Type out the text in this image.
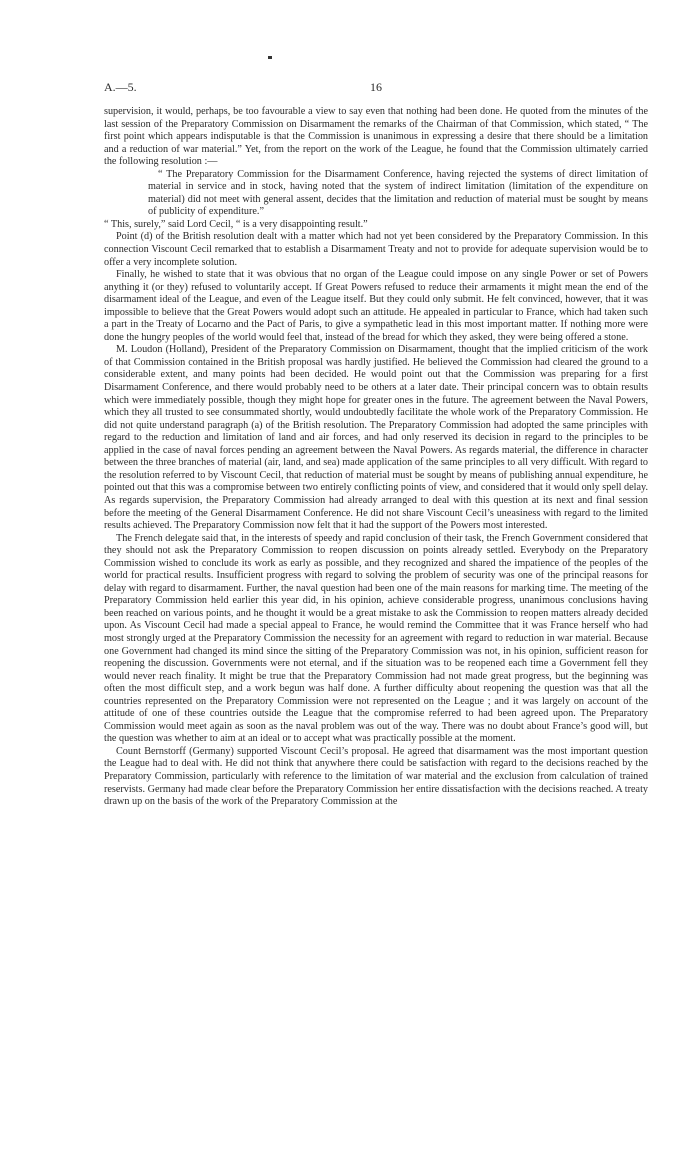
A.—5.	16

supervision, it would, perhaps, be too favourable a view to say even that nothing had been done. He quoted from the minutes of the last session of the Preparatory Commission on Disarmament the remarks of the Chairman of that Commission, which stated, “ The first point which appears indisputable is that the Commission is unanimous in expressing a desire that there should be a limitation and a reduction of war material.” Yet, from the report on the work of the League, he found that the Commission ultimately carried the following resolution :—

“ The Preparatory Commission for the Disarmament Conference, having rejected the systems of direct limitation of material in service and in stock, having noted that the system of indirect limitation (limitation of the expenditure on material) did not meet with general assent, decides that the limitation and reduction of material must be sought by means of publicity of expenditure.”

“ This, surely,” said Lord Cecil, “ is a very disappointing result.”

Point (d) of the British resolution dealt with a matter which had not yet been considered by the Preparatory Commission. In this connection Viscount Cecil remarked that to establish a Disarmament Treaty and not to provide for adequate supervision would be to offer a very incomplete solution.

Finally, he wished to state that it was obvious that no organ of the League could impose on any single Power or set of Powers anything it (or they) refused to voluntarily accept. If Great Powers refused to reduce their armaments it might mean the end of the disarmament ideal of the League, and even of the League itself. But they could only submit. He felt convinced, however, that it was impossible to believe that the Great Powers would adopt such an attitude. He appealed in particular to France, which had taken such a part in the Treaty of Locarno and the Pact of Paris, to give a sympathetic lead in this most important matter. If nothing more were done the hungry peoples of the world would feel that, instead of the bread for which they asked, they were being offered a stone.

M. Loudon (Holland), President of the Preparatory Commission on Disarmament, thought that the implied criticism of the work of that Commission contained in the British proposal was hardly justified. He believed the Commission had cleared the ground to a considerable extent, and many points had been decided. He would point out that the Commission was preparing for a first Disarmament Conference, and there would probably need to be others at a later date. Their principal concern was to obtain results which were immediately possible, though they might hope for greater ones in the future. The agreement between the Naval Powers, which they all trusted to see consummated shortly, would undoubtedly facilitate the whole work of the Preparatory Commission. He did not quite understand paragraph (a) of the British resolution. The Preparatory Commission had adopted the same principles with regard to the reduction and limitation of land and air forces, and had only reserved its decision in regard to the principles to be applied in the case of naval forces pending an agreement between the Naval Powers. As regards material, the difference in character between the three branches of material (air, land, and sea) made application of the same principles to all very difficult. With regard to the resolution referred to by Viscount Cecil, that reduction of material must be sought by means of publishing annual expenditure, he pointed out that this was a compromise between two entirely conflicting points of view, and considered that it would only spell delay. As regards supervision, the Preparatory Commission had already arranged to deal with this question at its next and final session before the meeting of the General Disarmament Conference. He did not share Viscount Cecil’s uneasiness with regard to the limited results achieved. The Preparatory Commission now felt that it had the support of the Powers most interested.

The French delegate said that, in the interests of speedy and rapid conclusion of their task, the French Government considered that they should not ask the Preparatory Commission to reopen discussion on points already settled. Everybody on the Preparatory Commission wished to conclude its work as early as possible, and they recognized and shared the impatience of the peoples of the world for practical results. Insufficient progress with regard to solving the problem of security was one of the principal reasons for delay with regard to disarmament. Further, the naval question had been one of the main reasons for marking time. The meeting of the Preparatory Commission held earlier this year did, in his opinion, achieve considerable progress, unanimous conclusions having been reached on various points, and he thought it would be a great mistake to ask the Commission to reopen matters already decided upon. As Viscount Cecil had made a special appeal to France, he would remind the Committee that it was France herself who had most strongly urged at the Preparatory Commission the necessity for an agreement with regard to reduction in war material. Because one Government had changed its mind since the sitting of the Preparatory Commission was not, in his opinion, sufficient reason for reopening the discussion. Governments were not eternal, and if the situation was to be reopened each time a Government fell they would never reach finality. It might be true that the Preparatory Commission had not made great progress, but the beginning was often the most difficult step, and a work begun was half done. A further difficulty about reopening the question was that all the countries represented on the Preparatory Commission were not represented on the League ; and it was largely on account of the attitude of one of these countries outside the League that the compromise referred to had been agreed upon. The Preparatory Commission would meet again as soon as the naval problem was out of the way. There was no doubt about France’s good will, but the question was whether to aim at an ideal or to accept what was practically possible at the moment.

Count Bernstorff (Germany) supported Viscount Cecil’s proposal. He agreed that disarmament was the most important question the League had to deal with. He did not think that anywhere there could be satisfaction with regard to the decisions reached by the Preparatory Commission, particularly with reference to the limitation of war material and the exclusion from calculation of trained reservists. Germany had made clear before the Preparatory Commission her entire dissatisfaction with the decisions reached. A treaty drawn up on the basis of the work of the Preparatory Commission at the
